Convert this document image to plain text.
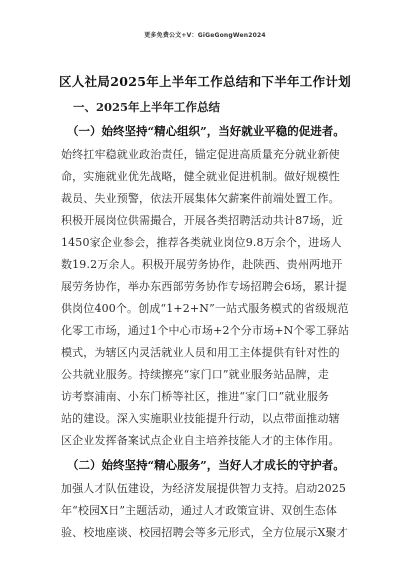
更多免费公文+V：GiGeGongWen2024
区人社局2025年上半年工作总结和下半年工作计划
一、2025年上半年工作总结
（一）始终坚持“精心组织”，当好就业平稳的促进者。
始终扛牢稳就业政治责任，锚定促进高质量充分就业新使
命，实施就业优先战略，健全就业促进机制。做好规模性
裁员、失业预警，依法开展集体欠薪案件前端处置工作。
积极开展岗位供需撮合，开展各类招聘活动共计87场，近
1450家企业参会，推荐各类就业岗位9.8万余个，进场人
数19.2万余人。积极开展劳务协作，赴陕西、贵州两地开
展劳务协作，举办东西部劳务协作专场招聘会6场，累计提
供岗位400个。创成“1+2+N”一站式服务模式的省级规范
化零工市场，通过1个中心市场+2个分市场+N个零工驿站
模式，为辖区内灵活就业人员和用工主体提供有针对性的
公共就业服务。持续擦亮“家门口”就业服务站品牌，走
访考察浦南、小东门桥等社区，推进“家门口”就业服务
站的建设。深入实施职业技能提升行动，以点带面推动辖
区企业发挥备案试点企业自主培养技能人才的主体作用。
（二）始终坚持“精心服务”，当好人才成长的守护者。
加强人才队伍建设，为经济发展提供智力支持。启动2025
年“校园X日”主题活动，通过人才政策宣讲、双创生态体
验、校地座谈、校园招聘会等多元形式，全方位展示X聚才
